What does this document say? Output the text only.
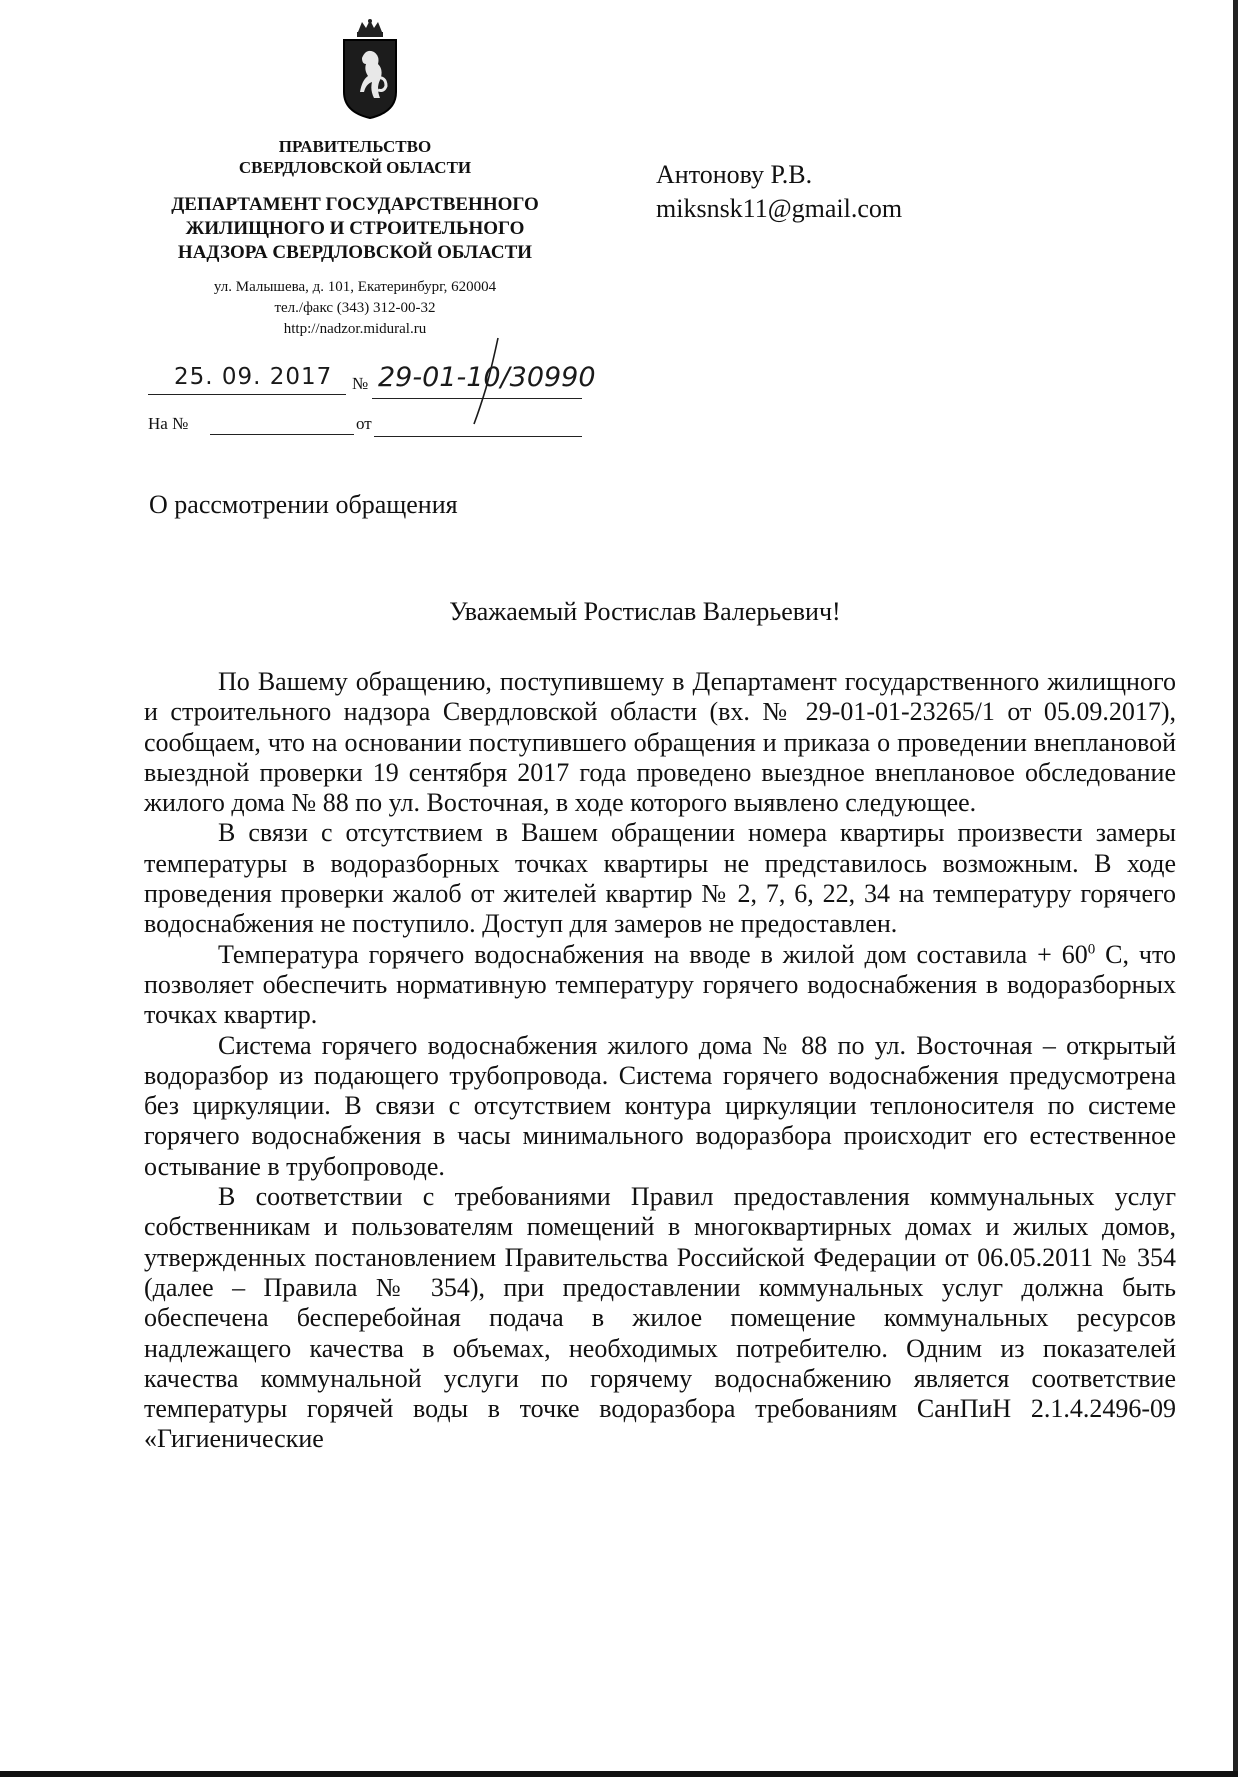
ПРАВИТЕЛЬСТВО
СВЕРДЛОВСКОЙ ОБЛАСТИ
ДЕПАРТАМЕНТ ГОСУДАРСТВЕННОГО
ЖИЛИЩНОГО И СТРОИТЕЛЬНОГО
НАДЗОРА СВЕРДЛОВСКОЙ ОБЛАСТИ
ул. Малышева, д. 101, Екатеринбург, 620004
тел./факс (343) 312-00-32
http://nadzor.midural.ru
25. 09. 2017 № 29-01-10/30990
На №	от
Антонову Р.В.
miksnsk11@gmail.com
О рассмотрении обращения
Уважаемый Ростислав Валерьевич!

По Вашему обращению, поступившему в Департамент государственного жилищного и строительного надзора Свердловской области (вх. № 29-01-01-23265/1 от 05.09.2017), сообщаем, что на основании поступившего обращения и приказа о проведении внеплановой выездной проверки 19 сентября 2017 года проведено выездное внеплановое обследование жилого дома № 88 по ул. Восточная, в ходе которого выявлено следующее.

В связи с отсутствием в Вашем обращении номера квартиры произвести замеры температуры в водоразборных точках квартиры не представилось возможным. В ходе проведения проверки жалоб от жителей квартир № 2, 7, 6, 22, 34 на температуру горячего водоснабжения не поступило. Доступ для замеров не предоставлен.

Температура горячего водоснабжения на вводе в жилой дом составила + $60^0$ С, что позволяет обеспечить нормативную температуру горячего водоснабжения в водоразборных точках квартир.

Система горячего водоснабжения жилого дома № 88 по ул. Восточная – открытый водоразбор из подающего трубопровода. Система горячего водоснабжения предусмотрена без циркуляции. В связи с отсутствием контура циркуляции теплоносителя по системе горячего водоснабжения в часы минимального водоразбора происходит его естественное остывание в трубопроводе.

В соответствии с требованиями Правил предоставления коммунальных услуг собственникам и пользователям помещений в многоквартирных домах и жилых домов, утвержденных постановлением Правительства Российской Федерации от 06.05.2011 № 354 (далее – Правила № 354), при предоставлении коммунальных услуг должна быть обеспечена бесперебойная подача в жилое помещение коммунальных ресурсов надлежащего качества в объемах, необходимых потребителю. Одним из показателей качества коммунальной услуги по горячему водоснабжению является соответствие температуры горячей воды в точке водоразбора требованиям СанПиН 2.1.4.2496-09 «Гигиенические
